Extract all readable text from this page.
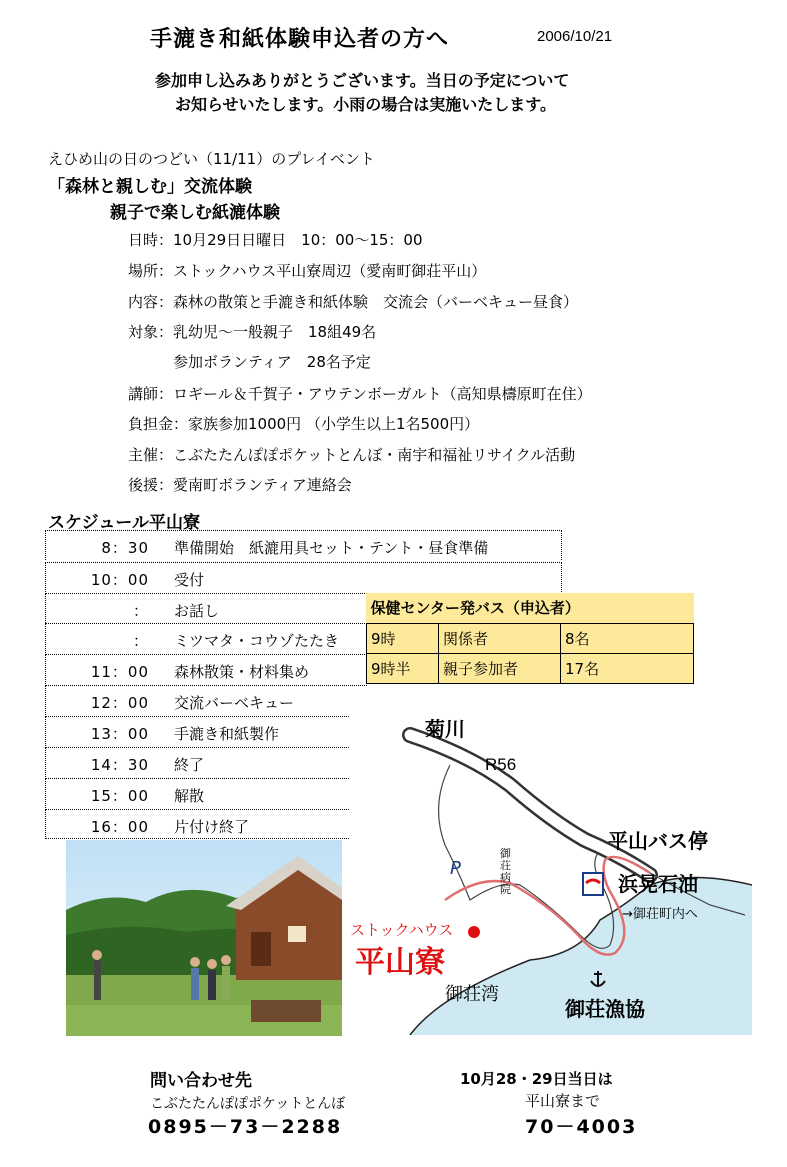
手漉き和紙体験申込者の方へ	2006/10/21
参加申し込みありがとうございます。当日の予定について
お知らせいたします。小雨の場合は実施いたします。
えひめ山の日のつどい（11/11）のプレイベント
「森林と親しむ」交流体験
親子で楽しむ紙漉体験
日時：10月29日日曜日　10：00～15：00
場所：ストックハウス平山寮周辺（愛南町御荘平山）
内容：森林の散策と手漉き和紙体験　交流会（バーベキュー昼食）
対象：乳幼児～一般親子　18組49名
　　　参加ボランティア　28名予定
講師：ロギール＆千賀子・アウテンボーガルト（高知県檮原町在住）
負担金：家族参加1000円 （小学生以上1名500円）
主催：こぶたたんぽぽポケットとんぼ・南宇和福祉リサイクル活動
後援：愛南町ボランティア連絡会
スケジュール平山寮
8：30 準備開始　紙漉用具セット・テント・昼食準備
10：00 受付
： お話し
： ミツマタ・コウゾたたき
11：00 森林散策・材料集め
12：00 交流バーベキュー
13：00 手漉き和紙製作
14：30 終了
15：00 解散
16：00 片付け終了
保健センター発バス（申込者）		
9時	関係者	8名
9時半	親子参加者	17名
菊川
R56
平山バス停
浜晃石油
→御荘町内へ
P
御荘病院
ストックハウス
平山寮
御荘湾
御荘漁協
問い合わせ先
こぶたたんぽぽポケットとんぼ
0895－73－2288
10月28・29日当日は
平山寮まで
70－4003
